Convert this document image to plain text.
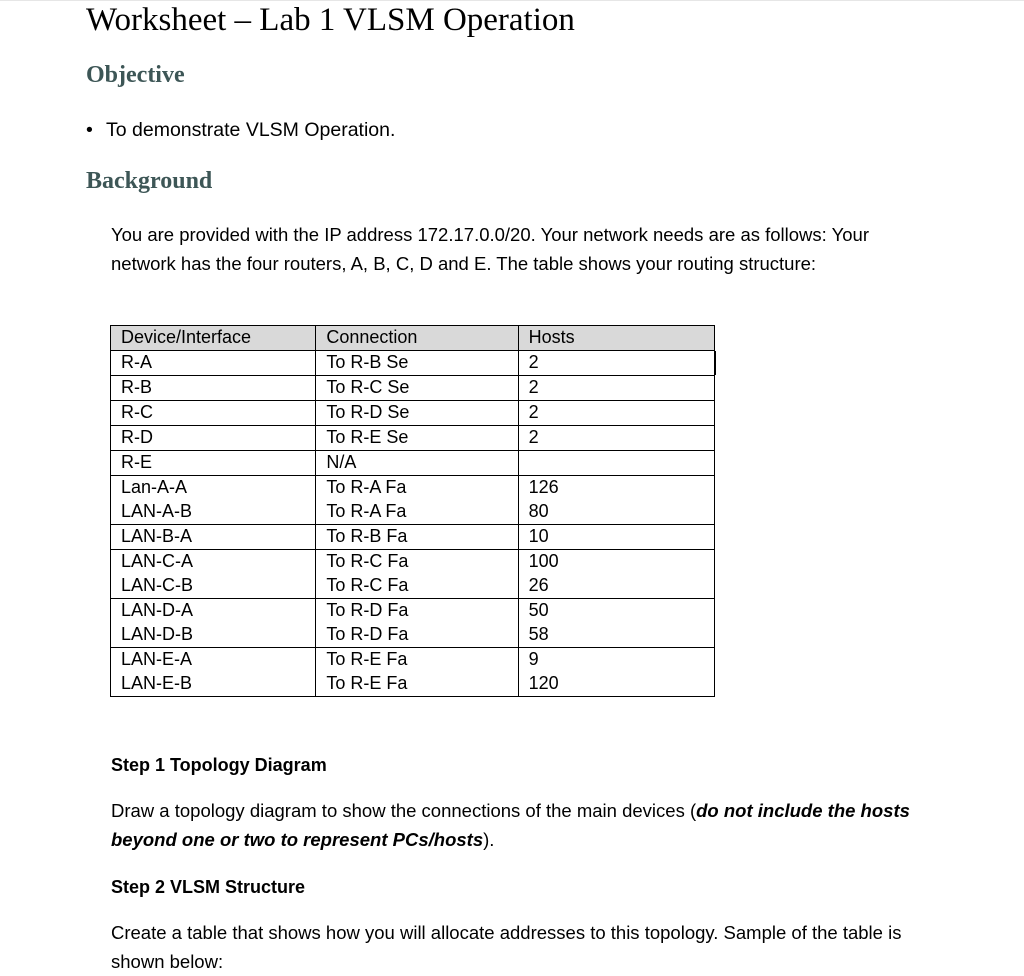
Worksheet – Lab 1 VLSM Operation
Objective
• To demonstrate VLSM Operation.
Background
You are provided with the IP address 172.17.0.0/20. Your network needs are as follows: Your network has the four routers, A, B, C, D and E. The table shows your routing structure:
Device/Interface	Connection	Hosts
R-A	To R-B Se	2
R-B	To R-C Se	2
R-C	To R-D Se	2
R-D	To R-E Se	2
R-E	N/A	
Lan-A-A	To R-A Fa	126
LAN-A-B	To R-A Fa	80
LAN-B-A	To R-B Fa	10
LAN-C-A	To R-C Fa	100
LAN-C-B	To R-C Fa	26
LAN-D-A	To R-D Fa	50
LAN-D-B	To R-D Fa	58
LAN-E-A	To R-E Fa	9
LAN-E-B	To R-E Fa	120
Step 1 Topology Diagram
Draw a topology diagram to show the connections of the main devices (do not include the hosts beyond one or two to represent PCs/hosts).
Step 2 VLSM Structure
Create a table that shows how you will allocate addresses to this topology. Sample of the table is shown below:
